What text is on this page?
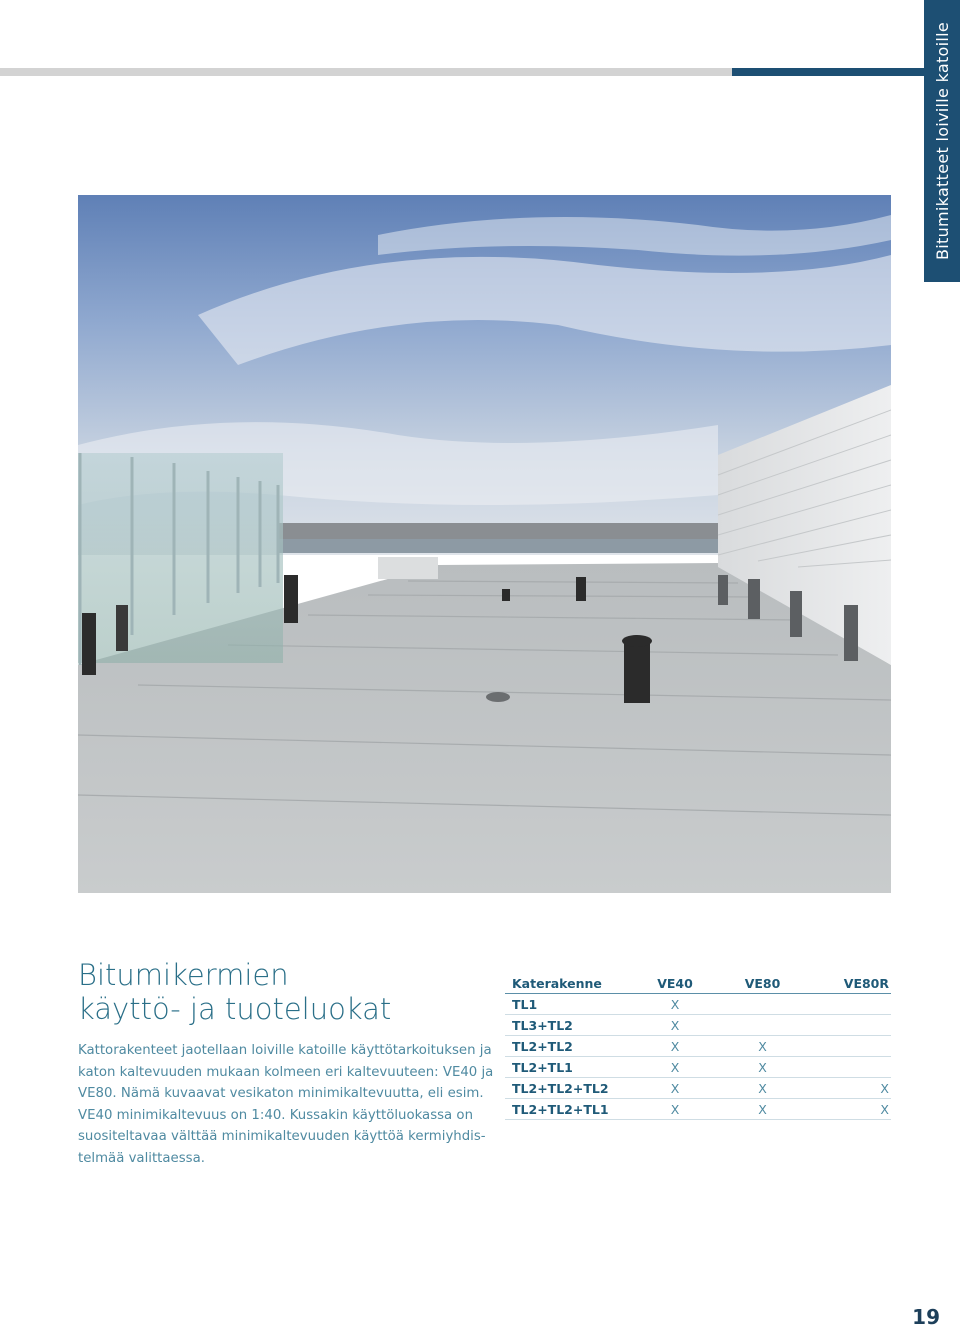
Bitumikatteet loiville katoille
Bitumikermien
käyttö- ja tuoteluokat
Kattorakenteet jaotellaan loiville katoille käyttötarkoituksen ja
katon kaltevuuden mukaan kolmeen eri kaltevuuteen: VE40 ja
VE80. Nämä kuvaavat vesikaton minimikaltevuutta, eli esim.
VE40 minimikaltevuus on 1:40. Kussakin käyttöluokassa on
suositeltavaa välttää minimikaltevuuden käyttöä kermiyhdis-
telmää valittaessa.
Katerakenne	VE40	VE80	VE80R
TL1	X
TL3+TL2	X
TL2+TL2	X	X
TL2+TL1	X	X
TL2+TL2+TL2	X	X	X
TL2+TL2+TL1	X	X	X
19
